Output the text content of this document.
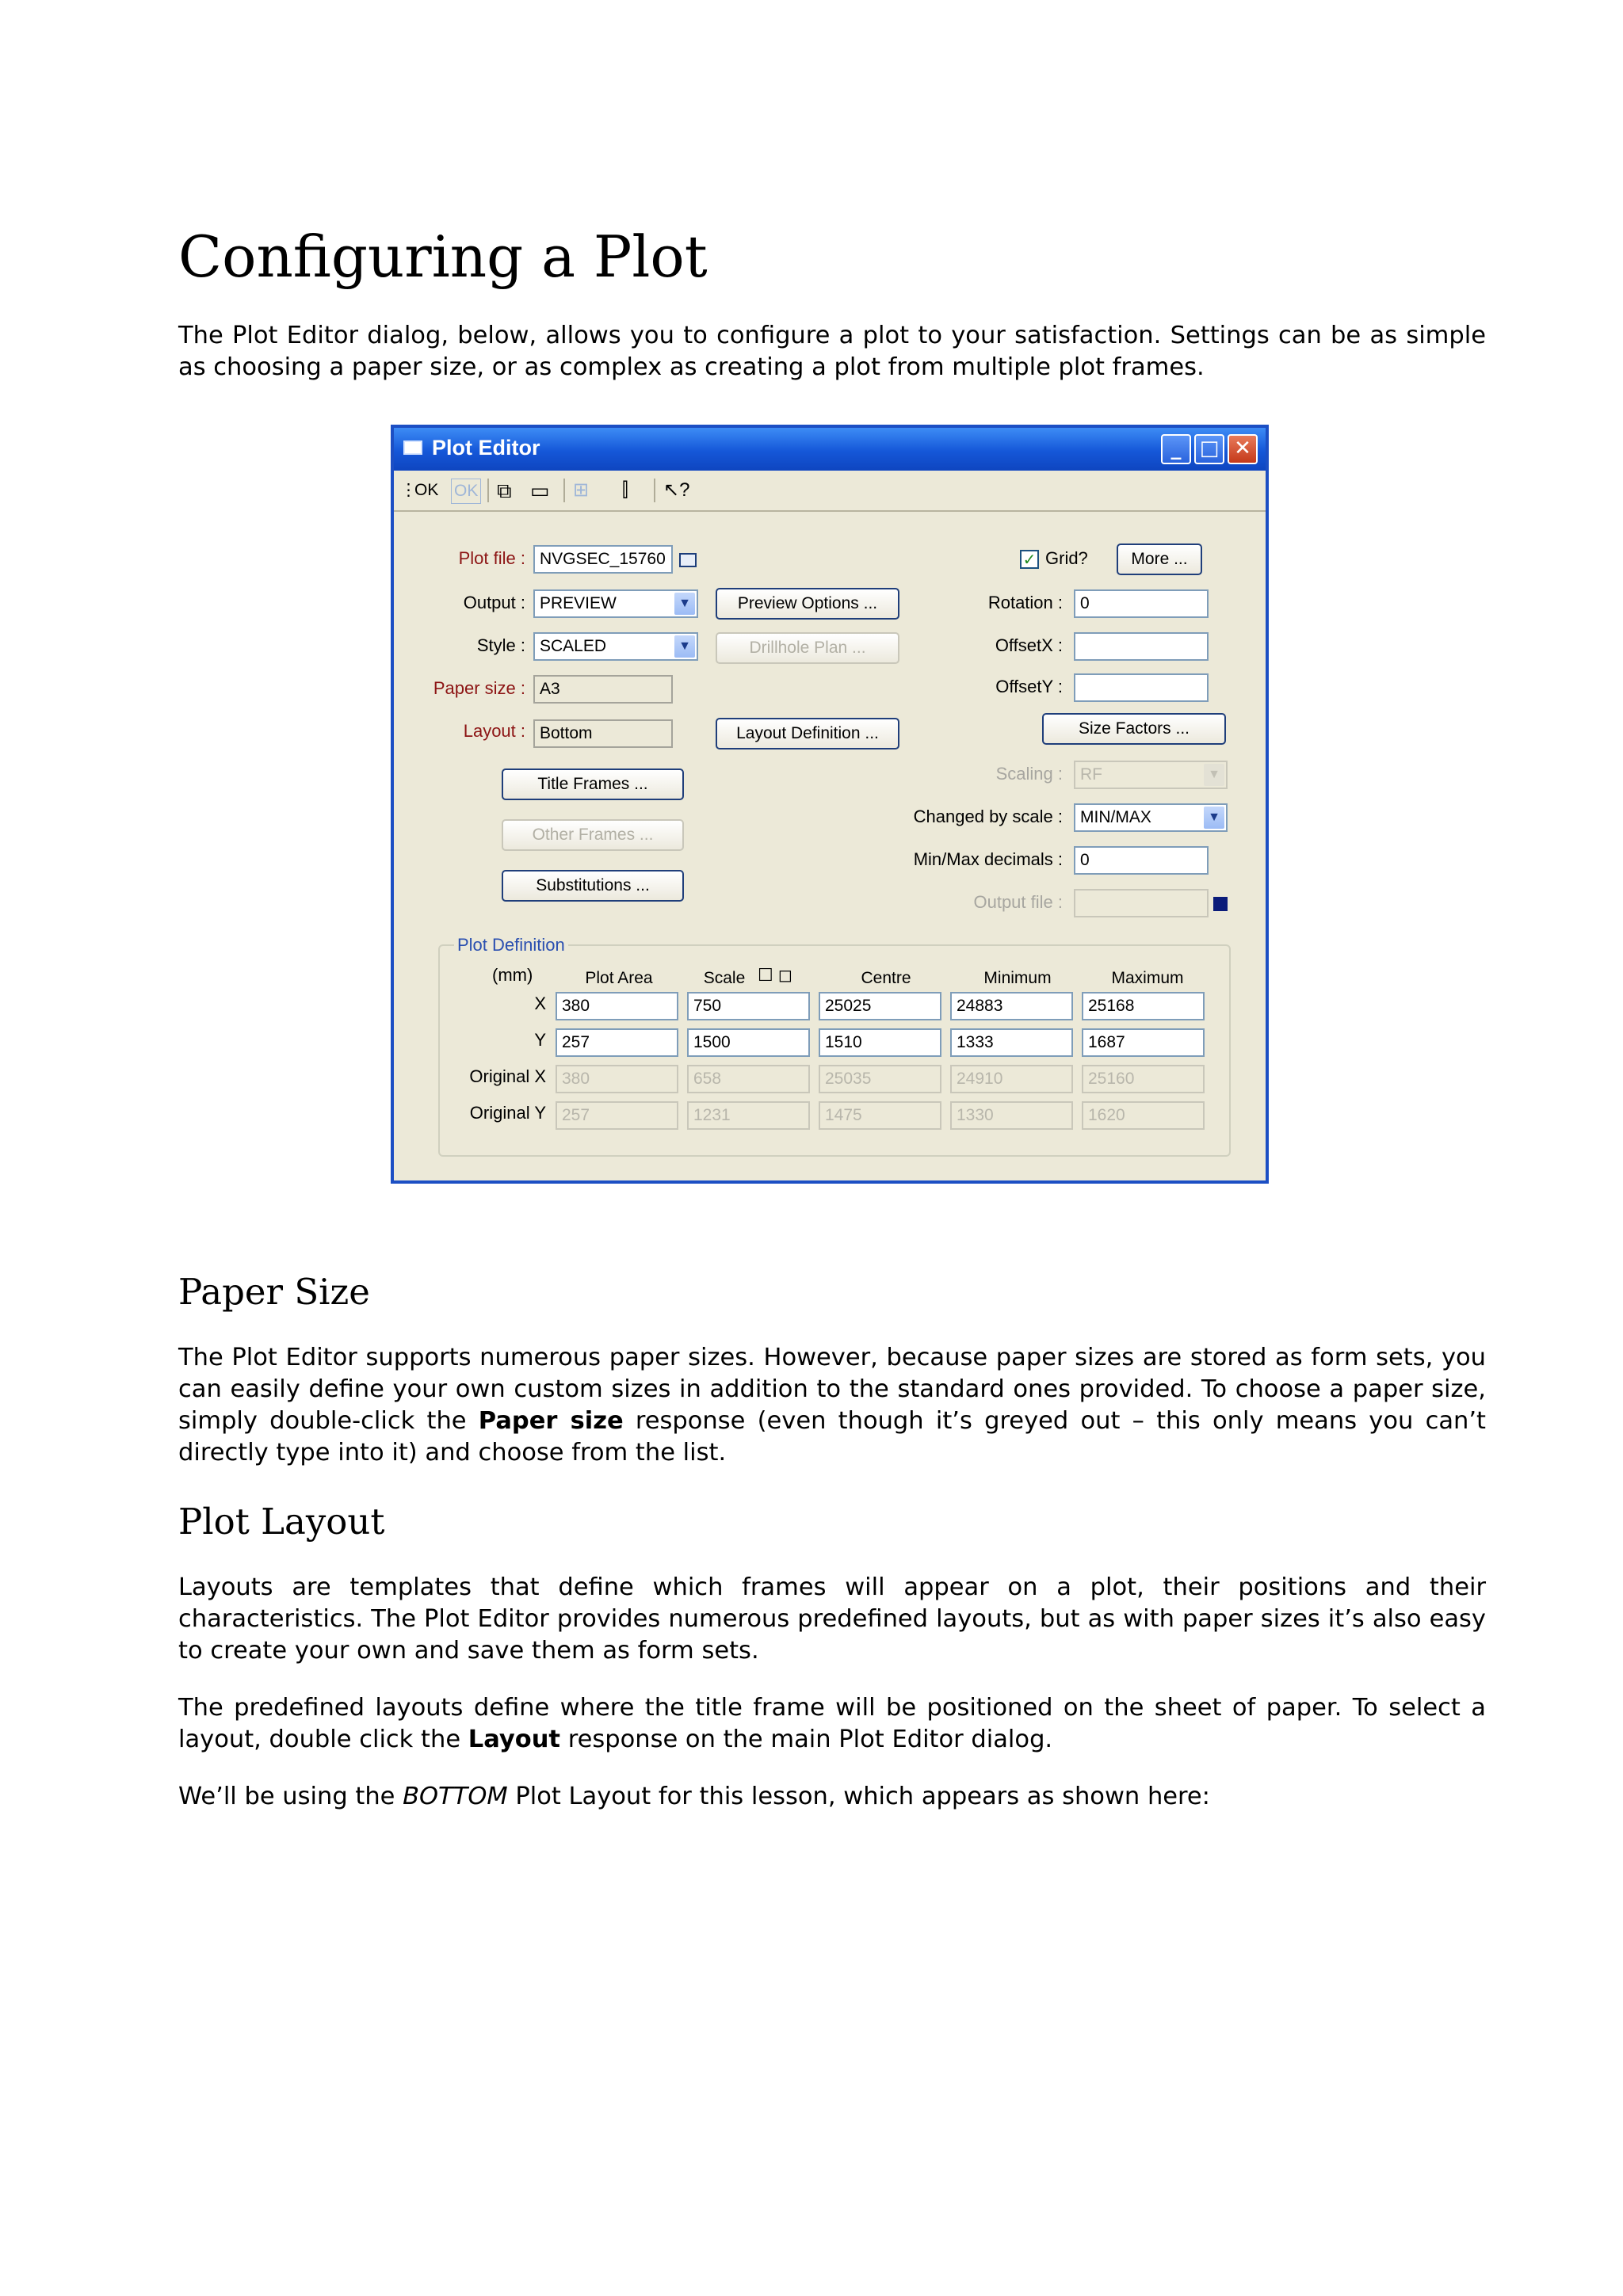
Configuring a Plot

The Plot Editor dialog, below, allows you to configure a plot to your satisfaction. Settings can be as simple as choosing a paper size, or as complex as creating a plot from multiple plot frames.

Plot Editor	_ □ ✕
⋮ OK OK ⧉ ▭ ⊞ ⫿ ↖?
Plot file : NVGSEC_15760
Output : PREVIEW	▼
Style : SCALED	▼
Paper size : A3
Layout : Bottom
Preview Options ...
Drillhole Plan ...
Layout Definition ...
Title Frames ...
Other Frames ...
Substitutions ...
✓ Grid?	More ...
Rotation :	0
OffsetX :
OffsetY :
Size Factors ...
Scaling :	RF	▼
Changed by scale :	MIN/MAX	▼
Min/Max decimals :	0
Output file :
Plot Definition
(mm)	Plot Area	Scale ☐ ◻	Centre	Minimum	Maximum
X 380	750	25025	24883	25168
Y 257	1500	1510	1333	1687
Original X 380	658	25035	24910	25160
Original Y 257	1231	1475	1330	1620
Paper Size

The Plot Editor supports numerous paper sizes. However, because paper sizes are stored as form sets, you can easily define your own custom sizes in addition to the standard ones provided. To choose a paper size, simply double-click the Paper size response (even though it’s greyed out – this only means you can’t directly type into it) and choose from the list.

Plot Layout

Layouts are templates that define which frames will appear on a plot, their positions and their characteristics. The Plot Editor provides numerous predefined layouts, but as with paper sizes it’s also easy to create your own and save them as form sets.

The predefined layouts define where the title frame will be positioned on the sheet of paper. To select a layout, double click the Layout response on the main Plot Editor dialog.

We’ll be using the BOTTOM Plot Layout for this lesson, which appears as shown here:
